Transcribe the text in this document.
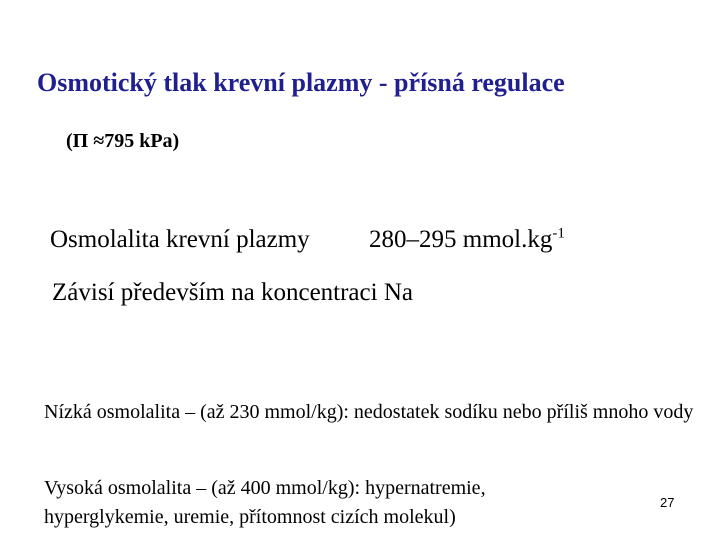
Osmotický tlak krevní plazmy - přísná regulace
(Π ≈795 kPa)
Osmolalita krevní plazmy 280–295 $mmol.kg^{-1}$
Závisí především na koncentraci Na
Nízká osmolalita – (až 230 mmol/kg): nedostatek sodíku nebo příliš mnoho vody
Vysoká osmolalita – (až 400 mmol/kg): hypernatremie, hyperglykemie, uremie, přítomnost cizích molekul)
27
